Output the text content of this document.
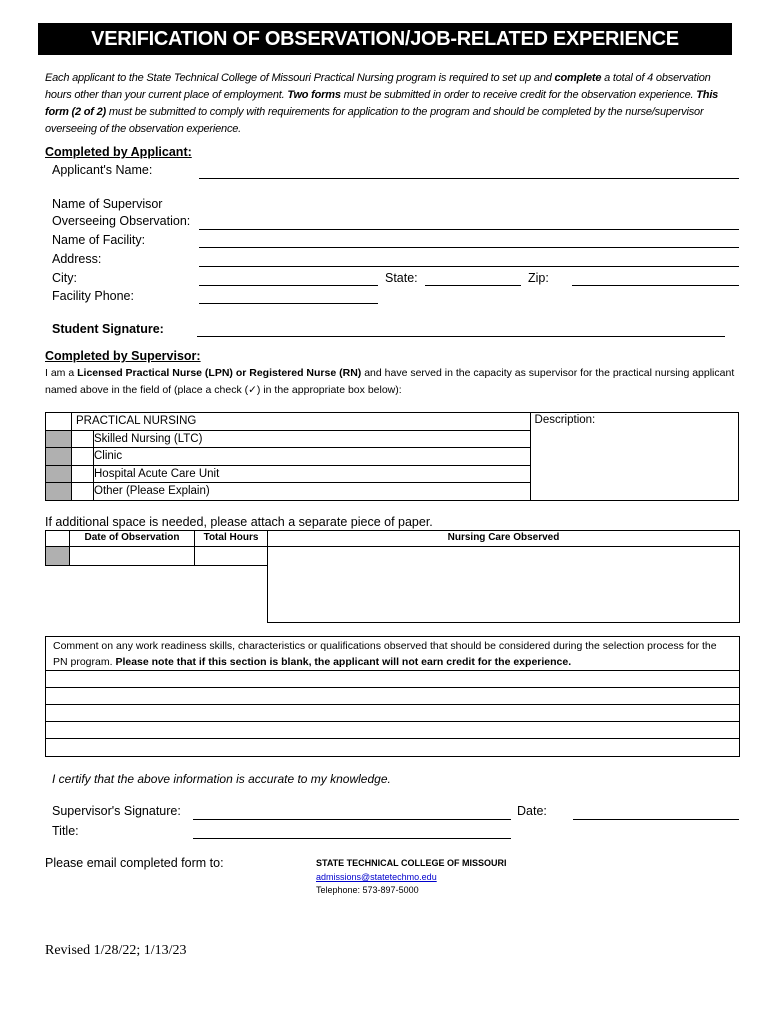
VERIFICATION OF OBSERVATION/JOB-RELATED EXPERIENCE
Each applicant to the State Technical College of Missouri Practical Nursing program is required to set up and complete a total of 4 observation hours other than your current place of employment. Two forms must be submitted in order to receive credit for the observation experience. This form (2 of 2) must be submitted to comply with requirements for application to the program and should be completed by the nurse/supervisor overseeing of the observation experience.
Completed by Applicant:
Applicant's Name:
Name of Supervisor
Overseeing Observation:
Name of Facility:
Address:
City:	State:	Zip:
Facility Phone:
Student Signature:
Completed by Supervisor:
I am a Licensed Practical Nurse (LPN) or Registered Nurse (RN) and have served in the capacity as supervisor for the practical nursing applicant named above in the field of (place a check (✓) in the appropriate box below):
	PRACTICAL NURSING		Description:
		Skilled Nursing (LTC)	
		Clinic	
		Hospital Acute Care Unit	
		Other (Please Explain)	
If additional space is needed, please attach a separate piece of paper.
Date of Observation	Total Hours	Nursing Care Observed
Comment on any work readiness skills, characteristics or qualifications observed that should be considered during the selection process for the PN program. Please note that if this section is blank, the applicant will not earn credit for the experience.
I certify that the above information is accurate to my knowledge.
Supervisor's Signature:	Date:
Title:
Please email completed form to:	STATE TECHNICAL COLLEGE OF MISSOURI
admissions@statetechmo.edu
Telephone: 573-897-5000
Revised 1/28/22; 1/13/23
